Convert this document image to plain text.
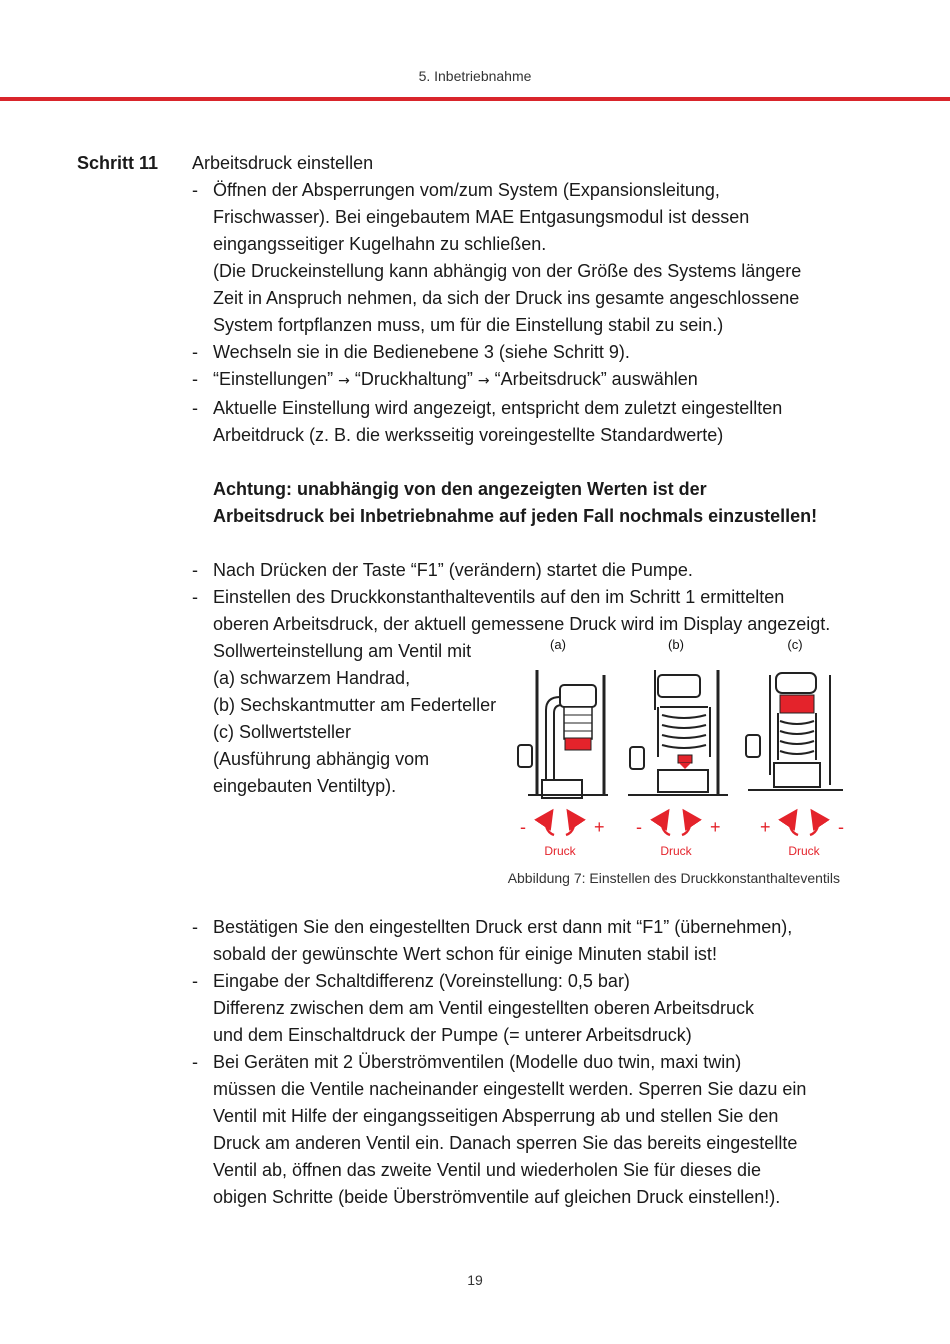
5. Inbetriebnahme
Schritt 11 Arbeitsdruck einstellen

- Öffnen der Absperrungen vom/zum System (Expansionsleitung,

Frischwasser). Bei eingebautem MAE Entgasungsmodul ist dessen

eingangsseitiger Kugelhahn zu schließen.

(Die Druckeinstellung kann abhängig von der Größe des Systems längere

Zeit in Anspruch nehmen, da sich der Druck ins gesamte angeschlossene

System fortpflanzen muss, um für die Einstellung stabil zu sein.)

- Wechseln sie in die Bedienebene 3 (siehe Schritt 9).

- “Einstellungen” → “Druckhaltung” → “Arbeitsdruck” auswählen

- Aktuelle Einstellung wird angezeigt, entspricht dem zuletzt eingestellten

Arbeitdruck (z. B. die werksseitig voreingestellte Standardwerte)

Achtung: unabhängig von den angezeigten Werten ist der

Arbeitsdruck bei Inbetriebnahme auf jeden Fall nochmals einzustellen!

- Nach Drücken der Taste “F1” (verändern) startet die Pumpe.

- Einstellen des Druckkonstanthalteventils auf den im Schritt 1 ermittelten

oberen Arbeitsdruck, der aktuell gemessene Druck wird im Display angezeigt.

Sollwerteinstellung am Ventil mit

(a) schwarzem Handrad,

(b) Sechskantmutter am Federteller

(c) Sollwertsteller

(Ausführung abhängig vom

eingebauten Ventiltyp).

(a)	(b)	(c)
-	+
Druck
-	+
Druck
+	-
Druck

Abbildung 7: Einstellen des Druckkonstanthalteventils

- Bestätigen Sie den eingestellten Druck erst dann mit “F1” (übernehmen),

sobald der gewünschte Wert schon für einige Minuten stabil ist!

- Eingabe der Schaltdifferenz (Voreinstellung: 0,5 bar)

Differenz zwischen dem am Ventil eingestellten oberen Arbeitsdruck

und dem Einschaltdruck der Pumpe (= unterer Arbeitsdruck)

- Bei Geräten mit 2 Überströmventilen (Modelle duo twin, maxi twin)

müssen die Ventile nacheinander eingestellt werden. Sperren Sie dazu ein

Ventil mit Hilfe der eingangsseitigen Absperrung ab und stellen Sie den

Druck am anderen Ventil ein. Danach sperren Sie das bereits eingestellte

Ventil ab, öffnen das zweite Ventil und wiederholen Sie für dieses die

obigen Schritte (beide Überströmventile auf gleichen Druck einstellen!).

19
